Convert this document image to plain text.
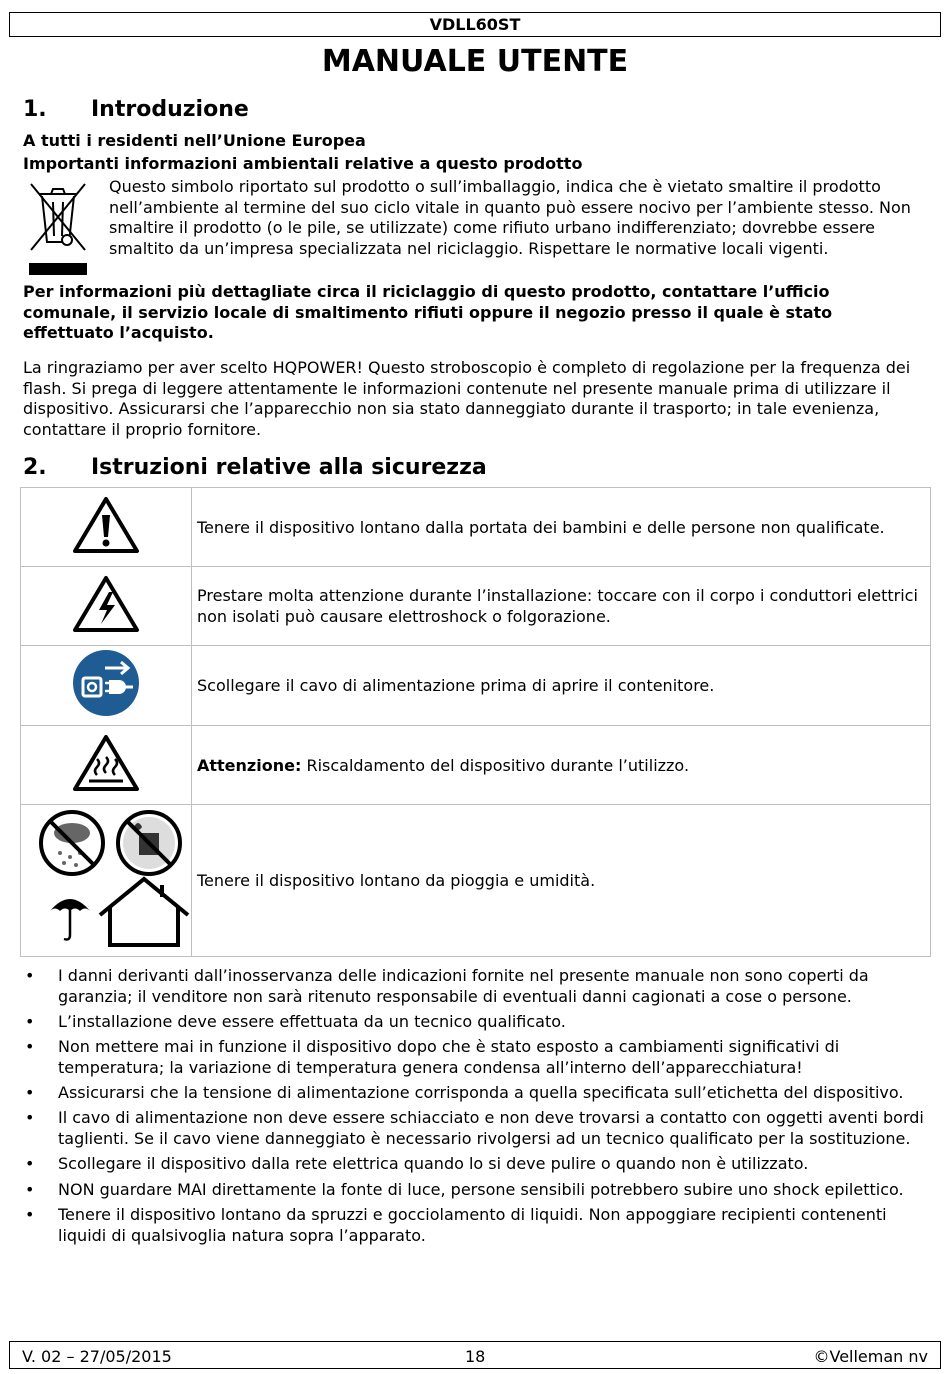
VDLL60ST
MANUALE UTENTE
1. Introduzione
A tutti i residenti nell’Unione Europea
Importanti informazioni ambientali relative a questo prodotto
Questo simbolo riportato sul prodotto o sull’imballaggio, indica che è vietato smaltire il prodotto nell’ambiente al termine del suo ciclo vitale in quanto può essere nocivo per l’ambiente stesso. Non smaltire il prodotto (o le pile, se utilizzate) come rifiuto urbano indifferenziato; dovrebbe essere smaltito da un’impresa specializzata nel riciclaggio. Rispettare le normative locali vigenti.
Per informazioni più dettagliate circa il riciclaggio di questo prodotto, contattare l’ufficio comunale, il servizio locale di smaltimento rifiuti oppure il negozio presso il quale è stato effettuato l’acquisto.
La ringraziamo per aver scelto HQPOWER! Questo stroboscopio è completo di regolazione per la frequenza dei flash. Si prega di leggere attentamente le informazioni contenute nel presente manuale prima di utilizzare il dispositivo. Assicurarsi che l’apparecchio non sia stato danneggiato durante il trasporto; in tale evenienza, contattare il proprio fornitore.
2. Istruzioni relative alla sicurezza
	Tenere il dispositivo lontano dalla portata dei bambini e delle persone non qualificate.
	Prestare molta attenzione durante l’installazione: toccare con il corpo i conduttori elettrici non isolati può causare elettroshock o folgorazione.
	Scollegare il cavo di alimentazione prima di aprire il contenitore.
	Attenzione: Riscaldamento del dispositivo durante l’utilizzo.
	Tenere il dispositivo lontano da pioggia e umidità.
• I danni derivanti dall’inosservanza delle indicazioni fornite nel presente manuale non sono coperti da garanzia; il venditore non sarà ritenuto responsabile di eventuali danni cagionati a cose o persone.
• L’installazione deve essere effettuata da un tecnico qualificato.
• Non mettere mai in funzione il dispositivo dopo che è stato esposto a cambiamenti significativi di temperatura; la variazione di temperatura genera condensa all’interno dell’apparecchiatura!
• Assicurarsi che la tensione di alimentazione corrisponda a quella specificata sull’etichetta del dispositivo.
• Il cavo di alimentazione non deve essere schiacciato e non deve trovarsi a contatto con oggetti aventi bordi taglienti. Se il cavo viene danneggiato è necessario rivolgersi ad un tecnico qualificato per la sostituzione.
• Scollegare il dispositivo dalla rete elettrica quando lo si deve pulire o quando non è utilizzato.
• NON guardare MAI direttamente la fonte di luce, persone sensibili potrebbero subire uno shock epilettico.
• Tenere il dispositivo lontano da spruzzi e gocciolamento di liquidi. Non appoggiare recipienti contenenti liquidi di qualsivoglia natura sopra l’apparato.
V. 02 – 27/05/2015	18	©Velleman nv
